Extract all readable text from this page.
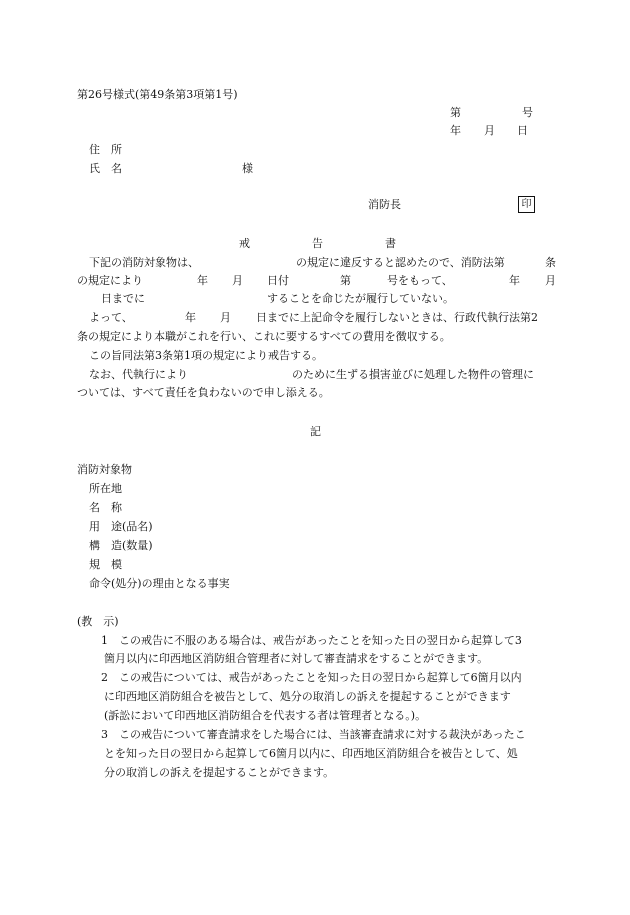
第26号様式(第49条第3項第1号)
第	号
年 月 日
住　所
氏　名	様
消防長	印
戒	告	書
下記の消防対象物は、	の規定に違反すると認めたので、消防法第	条
の規定により	年 月 日付	第	号をもって、	年 月
日までに	することを命じたが履行していない。
よって、	年 月 日までに上記命令を履行しないときは、行政代執行法第2
条の規定により本職がこれを行い、これに要するすべての費用を徴収する。
この旨同法第3条第1項の規定により戒告する。
なお、代執行により	のために生ずる損害並びに処理した物件の管理に
ついては、すべて責任を負わないので申し添える。
記
消防対象物
所在地
名　称
用　途(品名)
構　造(数量)
規　模
命令(処分)の理由となる事実
(教　示)
1 この戒告に不服のある場合は、戒告があったことを知った日の翌日から起算して3
箇月以内に印西地区消防組合管理者に対して審査請求をすることができます。
2 この戒告については、戒告があったことを知った日の翌日から起算して6箇月以内
に印西地区消防組合を被告として、処分の取消しの訴えを提起することができます
(訴訟において印西地区消防組合を代表する者は管理者となる。)。
3 この戒告について審査請求をした場合には、当該審査請求に対する裁決があったこ
とを知った日の翌日から起算して6箇月以内に、印西地区消防組合を被告として、処
分の取消しの訴えを提起することができます。
